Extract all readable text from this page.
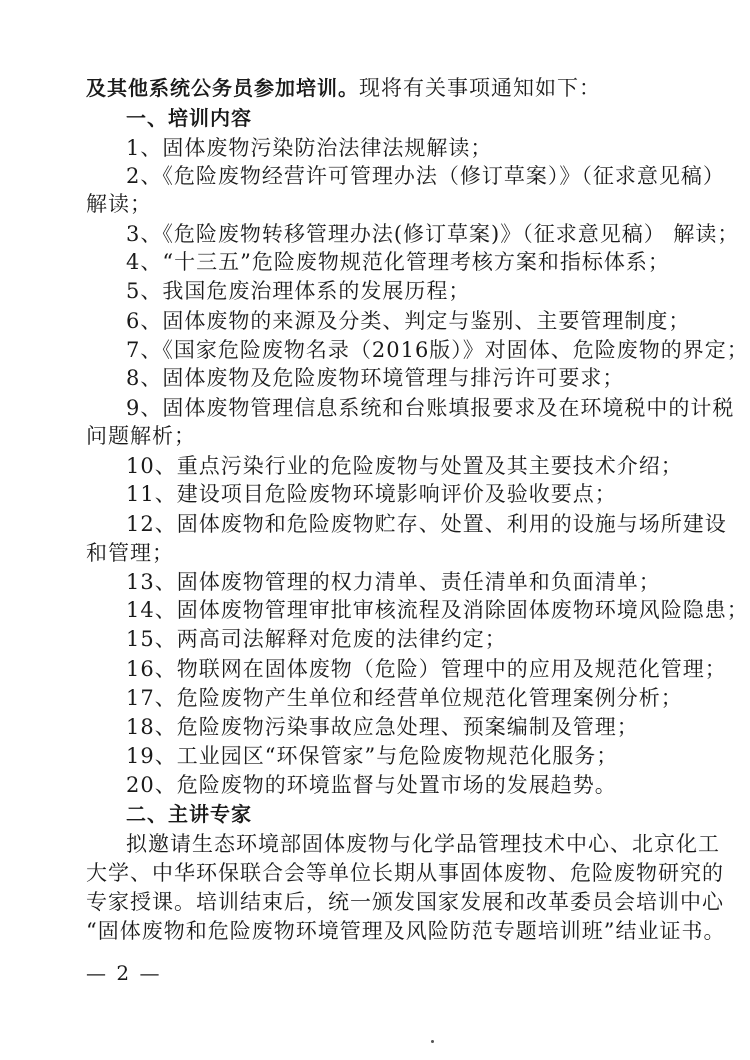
及其他系统公务员参加培训。现将有关事项通知如下：
一、培训内容
1、固体废物污染防治法律法规解读；
2、《危险废物经营许可管理办法（修订草案）》（征求意见稿）
解读；
3、《危险废物转移管理办法(修订草案)》（征求意见稿） 解读；
4、“十三五”危险废物规范化管理考核方案和指标体系；
5、我国危废治理体系的发展历程；
6、固体废物的来源及分类、判定与鉴别、主要管理制度；
7、《国家危险废物名录（2016版）》对固体、危险废物的界定；
8、固体废物及危险废物环境管理与排污许可要求；
9、固体废物管理信息系统和台账填报要求及在环境税中的计税
问题解析；
10、重点污染行业的危险废物与处置及其主要技术介绍；
11、建设项目危险废物环境影响评价及验收要点；
12、固体废物和危险废物贮存、处置、利用的设施与场所建设
和管理；
13、固体废物管理的权力清单、责任清单和负面清单；
14、固体废物管理审批审核流程及消除固体废物环境风险隐患；
15、两高司法解释对危废的法律约定；
16、物联网在固体废物（危险）管理中的应用及规范化管理；
17、危险废物产生单位和经营单位规范化管理案例分析；
18、危险废物污染事故应急处理、预案编制及管理；
19、工业园区“环保管家”与危险废物规范化服务；
20、危险废物的环境监督与处置市场的发展趋势。
二、主讲专家
拟邀请生态环境部固体废物与化学品管理技术中心、北京化工
大学、中华环保联合会等单位长期从事固体废物、危险废物研究的
专家授课。培训结束后，统一颁发国家发展和改革委员会培训中心
“固体废物和危险废物环境管理及风险防范专题培训班”结业证书。
— 2 —
